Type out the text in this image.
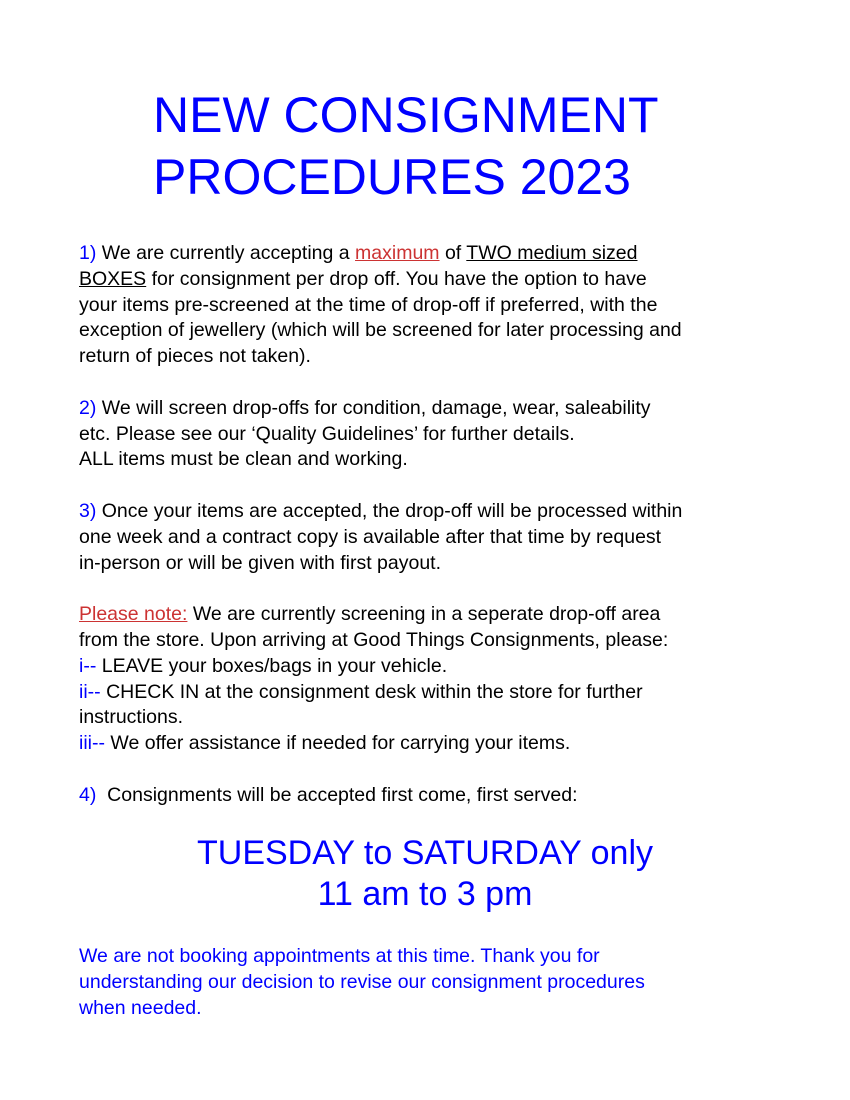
NEW CONSIGNMENT
PROCEDURES 2023
1) We are currently accepting a maximum of TWO medium sized
BOXES for consignment per drop off. You have the option to have
your items pre-screened at the time of drop-off if preferred, with the
exception of jewellery (which will be screened for later processing and
return of pieces not taken).
2) We will screen drop-offs for condition, damage, wear, saleability
etc. Please see our ‘Quality Guidelines’ for further details.
ALL items must be clean and working.
3) Once your items are accepted, the drop-off will be processed within
one week and a contract copy is available after that time by request
in-person or will be given with first payout.
Please note: We are currently screening in a seperate drop-off area
from the store. Upon arriving at Good Things Consignments, please:
i-- LEAVE your boxes/bags in your vehicle.
ii-- CHECK IN at the consignment desk within the store for further
instructions.
iii-- We offer assistance if needed for carrying your items.
4)  Consignments will be accepted first come, first served:
TUESDAY to SATURDAY only
11 am to 3 pm
We are not booking appointments at this time. Thank you for
understanding our decision to revise our consignment procedures
when needed.
